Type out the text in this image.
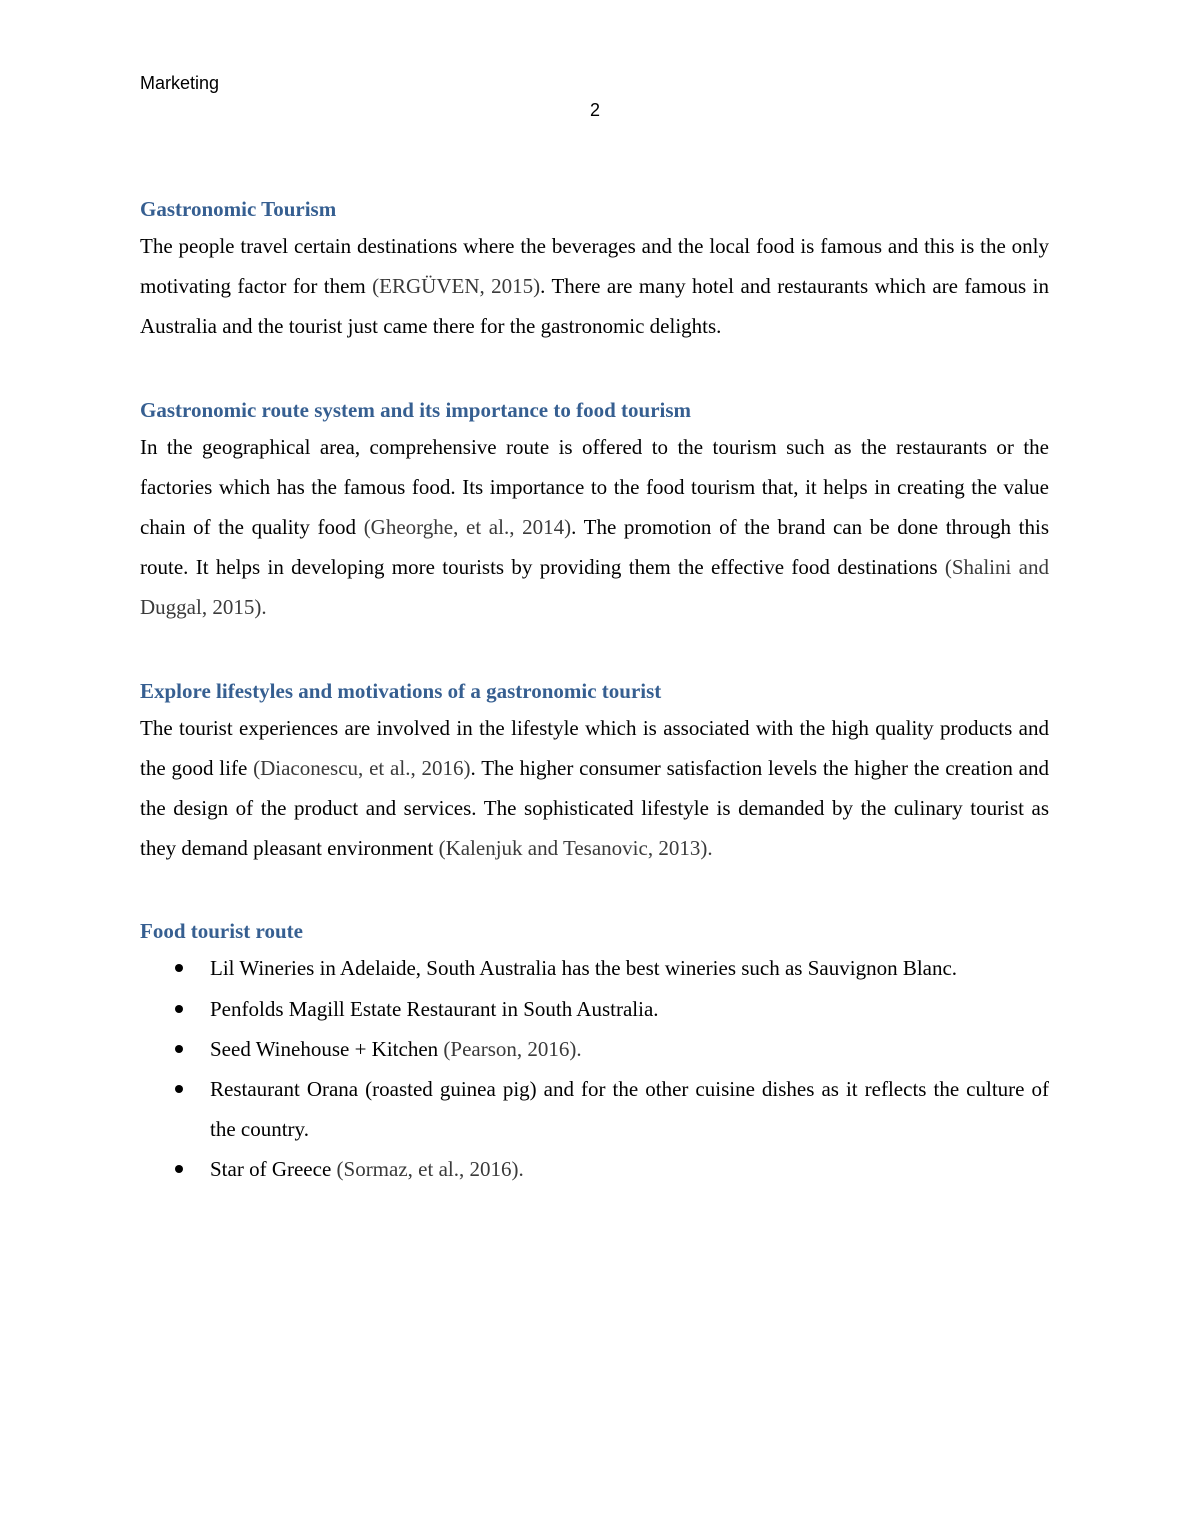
Marketing
2
Gastronomic Tourism

The people travel certain destinations where the beverages and the local food is famous and this is the only motivating factor for them (ERGÜVEN, 2015). There are many hotel and restaurants which are famous in Australia and the tourist just came there for the gastronomic delights.

Gastronomic route system and its importance to food tourism

In the geographical area, comprehensive route is offered to the tourism such as the restaurants or the factories which has the famous food. Its importance to the food tourism that, it helps in creating the value chain of the quality food (Gheorghe, et al., 2014). The promotion of the brand can be done through this route. It helps in developing more tourists by providing them the effective food destinations (Shalini and Duggal, 2015).

Explore lifestyles and motivations of a gastronomic tourist

The tourist experiences are involved in the lifestyle which is associated with the high quality products and the good life (Diaconescu, et al., 2016). The higher consumer satisfaction levels the higher the creation and the design of the product and services. The sophisticated lifestyle is demanded by the culinary tourist as they demand pleasant environment (Kalenjuk and Tesanovic, 2013).

Food tourist route
Lil Wineries in Adelaide, South Australia has the best wineries such as Sauvignon Blanc.
Penfolds Magill Estate Restaurant in South Australia.
Seed Winehouse + Kitchen (Pearson, 2016).
Restaurant Orana (roasted guinea pig) and for the other cuisine dishes as it reflects the culture of the country.
Star of Greece (Sormaz, et al., 2016).
